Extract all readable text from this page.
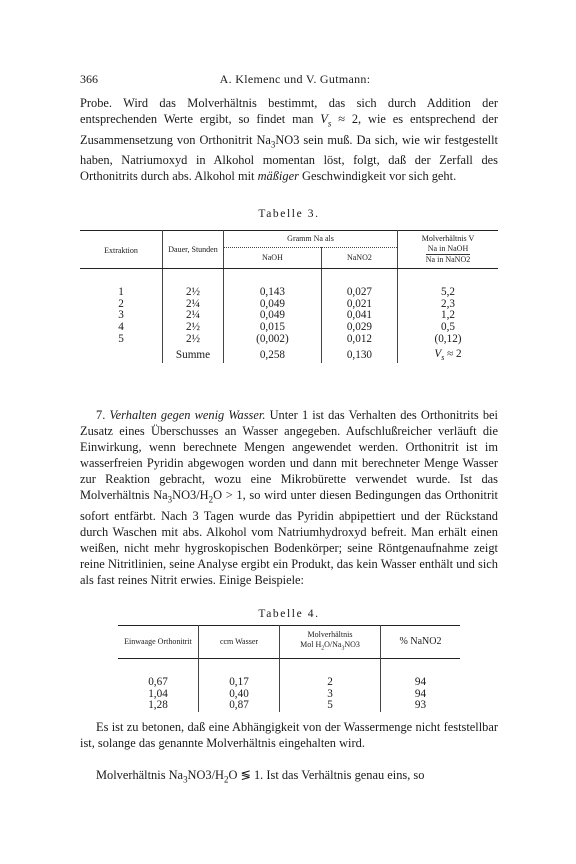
366	A. Klemenc und V. Gutmann:

Probe. Wird das Molverhältnis bestimmt, das sich durch Addition der entsprechenden Werte ergibt, so findet man $V_s \approx 2$, wie es entsprechend der Zusammensetzung von Orthonitrit $Na_3NO3$ sein muß. Da sich, wie wir festgestellt haben, Natriumoxyd in Alkohol momentan löst, folgt, daß der Zerfall des Orthonitrits durch abs. Alkohol mit mäßiger Geschwindigkeit vor sich geht.

Tabelle 3.
Extraktion	Dauer, Stunden	Gramm Na als		Molverhältnis V
Na in NaOH
Na in NaNO2

		NaOH	NaNO2	

1	2½	0,143	0,027	5,2
2	2¼	0,049	0,021	2,3
3	2¼	0,049	0,041	1,2
4	2½	0,015	0,029	0,5
5	2½	(0,002)	0,012	(0,12)
	Summe	0,258	0,130	$V_s \approx 2$

7. Verhalten gegen wenig Wasser. Unter 1 ist das Verhalten des Orthonitrits bei Zusatz eines Überschusses an Wasser angegeben. Aufschlußreicher verläuft die Einwirkung, wenn berechnete Mengen angewendet werden. Orthonitrit ist im wasserfreien Pyridin abgewogen worden und dann mit berechneter Menge Wasser zur Reaktion gebracht, wozu eine Mikrobürette verwendet wurde. Ist das Molverhältnis $Na_3NO3/H_2O > 1$, so wird unter diesen Bedingungen das Orthonitrit sofort entfärbt. Nach 3 Tagen wurde das Pyridin abpipettiert und der Rückstand durch Waschen mit abs. Alkohol vom Natriumhydroxyd befreit. Man erhält einen weißen, nicht mehr hygroskopischen Bodenkörper; seine Röntgenaufnahme zeigt reine Nitritlinien, seine Analyse ergibt ein Produkt, das kein Wasser enthält und sich als fast reines Nitrit erwies. Einige Beispiele:

Tabelle 4.
Einwaage Orthonitrit	ccm Wasser	Molverhältnis
Mol $H_2O/Na_3NO3$	% NaNO2

0,67	0,17	2	94
1,04	0,40	3	94
1,28	0,87	5	93

Es ist zu betonen, daß eine Abhängigkeit von der Wassermenge nicht feststellbar ist, solange das genannte Molverhältnis eingehalten wird.

Molverhältnis $Na_3NO3/H_2O$ ≶ 1. Ist das Verhältnis genau eins, so
